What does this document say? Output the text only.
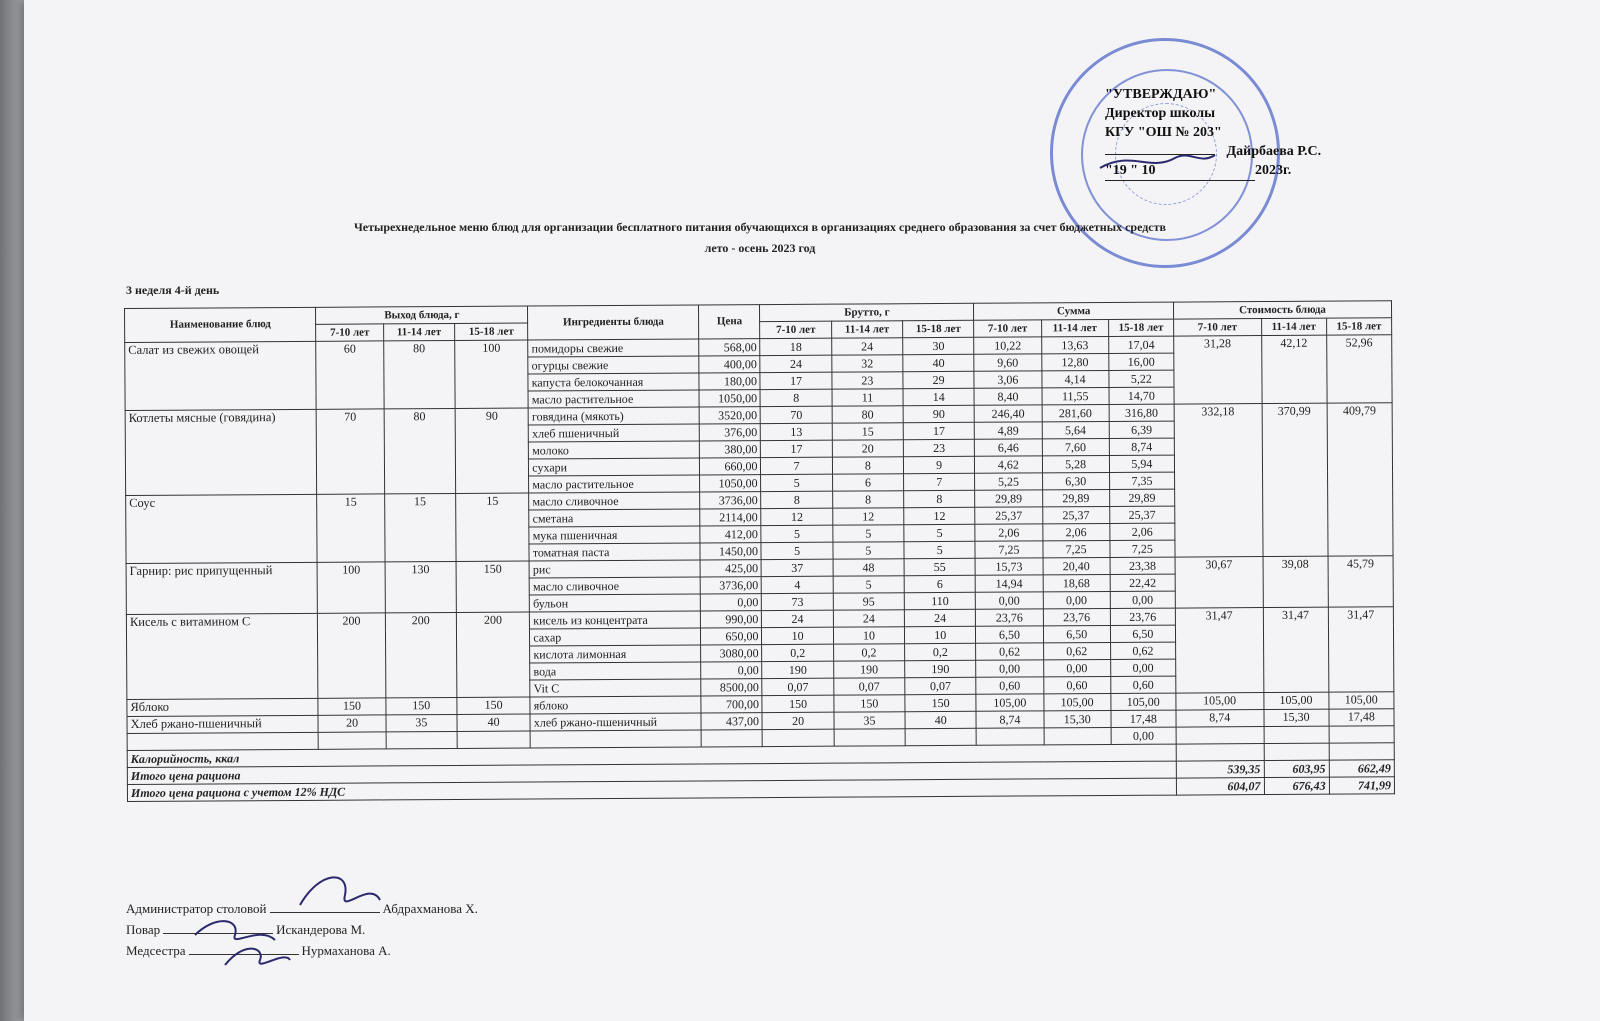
"УТВЕРЖДАЮ"
Директор школы
КГУ "ОШ № 203"
Дайрбаева Р.С.
"19 " 10	2023г.
Четырехнедельное меню блюд для организации бесплатного питания обучающихся в организациях среднего образования за счет бюджетных средств
лето - осень 2023 год
3 неделя 4-й день
Наименование блюд	Выход блюда, г			Ингредиенты блюда	Цена	Брутто, г			Сумма			Стоимость блюда		
	7-10 лет	11-14 лет	15-18 лет			7-10 лет	11-14 лет	15-18 лет	7-10 лет	11-14 лет	15-18 лет	7-10 лет	11-14 лет	15-18 лет
Салат из свежих овощей	60	80	100	помидоры свежие	568,00	18	24	30	10,22	13,63	17,04	31,28	42,12	52,96
				огурцы свежие	400,00	24	32	40	9,60	12,80	16,00			
				капуста белокочанная	180,00	17	23	29	3,06	4,14	5,22			
				масло растительное	1050,00	8	11	14	8,40	11,55	14,70			
Котлеты мясные (говядина)	70	80	90	говядина (мякоть)	3520,00	70	80	90	246,40	281,60	316,80	332,18	370,99	409,79
				хлеб пшеничный	376,00	13	15	17	4,89	5,64	6,39			
				молоко	380,00	17	20	23	6,46	7,60	8,74			
				сухари	660,00	7	8	9	4,62	5,28	5,94			
				масло растительное	1050,00	5	6	7	5,25	6,30	7,35			
Соус	15	15	15	масло сливочное	3736,00	8	8	8	29,89	29,89	29,89			
				сметана	2114,00	12	12	12	25,37	25,37	25,37			
				мука пшеничная	412,00	5	5	5	2,06	2,06	2,06			
				томатная паста	1450,00	5	5	5	7,25	7,25	7,25			
Гарнир: рис припущенный	100	130	150	рис	425,00	37	48	55	15,73	20,40	23,38	30,67	39,08	45,79
				масло сливочное	3736,00	4	5	6	14,94	18,68	22,42			
				бульон	0,00	73	95	110	0,00	0,00	0,00			
Кисель с витамином С	200	200	200	кисель из концентрата	990,00	24	24	24	23,76	23,76	23,76	31,47	31,47	31,47
				сахар	650,00	10	10	10	6,50	6,50	6,50			
				кислота лимонная	3080,00	0,2	0,2	0,2	0,62	0,62	0,62			
				вода	0,00	190	190	190	0,00	0,00	0,00			
				Vit C	8500,00	0,07	0,07	0,07	0,60	0,60	0,60			
Яблоко	150	150	150	яблоко	700,00	150	150	150	105,00	105,00	105,00	105,00	105,00	105,00
Хлеб ржано-пшеничный	20	35	40	хлеб ржано-пшеничный	437,00	20	35	40	8,74	15,30	17,48	8,74	15,30	17,48
											0,00			
Калорийность, ккал														
Итого цена рациона												539,35	603,95	662,49
Итого цена рациона с учетом 12% НДС												604,07	676,43	741,99
Администратор столовой	Абдрахманова Х.
Повар	Искандерова М.
Медсестра	Нурмаханова А.
